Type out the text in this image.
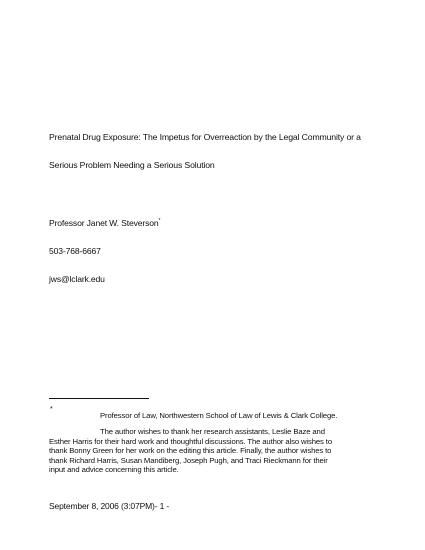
Prenatal Drug Exposure: The Impetus for Overreaction by the Legal Community or a
Serious Problem Needing a Serious Solution
Professor Janet W. Steverson*
503-768-6667
jws@lclark.edu
*
Professor of Law, Northwestern School of Law of Lewis & Clark College.
The author wishes to thank her research assistants, Leslie Baze and
Esther Harris for their hard work and thoughtful discussions. The author also wishes to
thank Bonny Green for her work on the editing this article. Finally, the author wishes to
thank Richard Harris, Susan Mandiberg, Joseph Pugh, and Traci Rieckmann for their
input and advice concerning this article.
September 8, 2006 (3:07PM)- 1 -
